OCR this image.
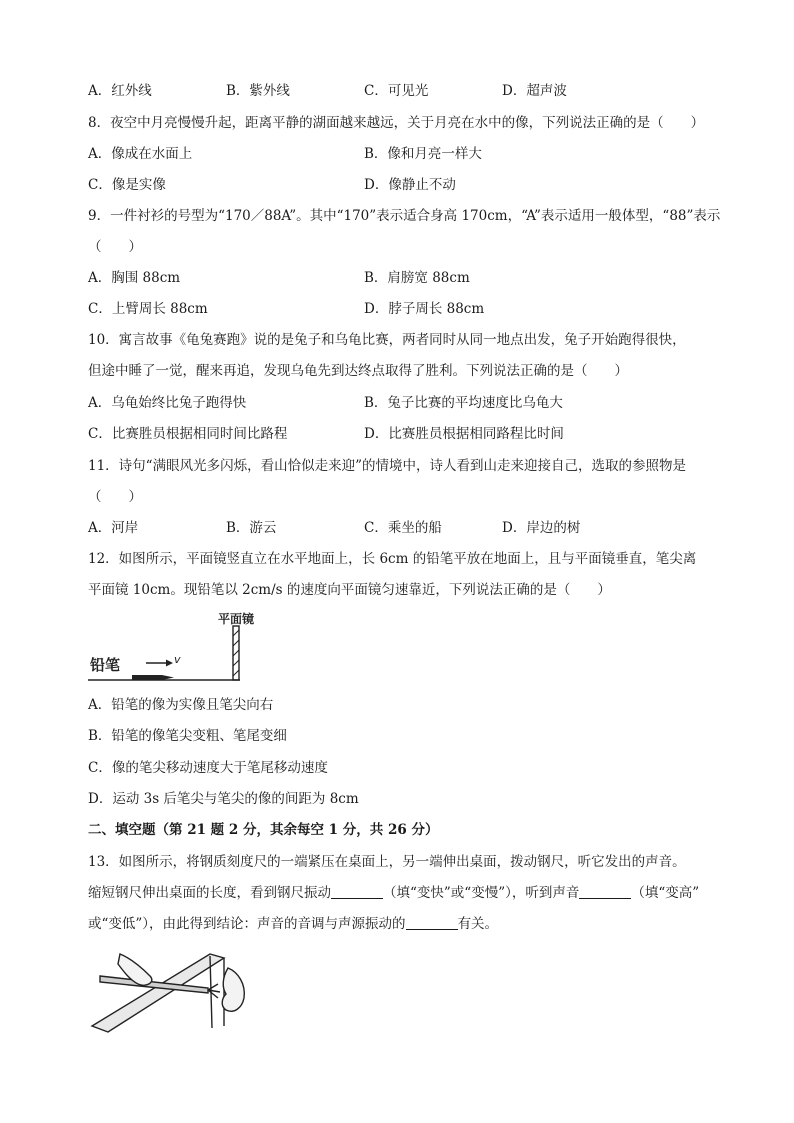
A．红外线	B．紫外线	C．可见光	D．超声波
8．夜空中月亮慢慢升起，距离平静的湖面越来越远，关于月亮在水中的像，下列说法正确的是（　　）
A．像成在水面上	B．像和月亮一样大
C．像是实像	D．像静止不动
9．一件衬衫的号型为“170／88A”。其中“170”表示适合身高 170cm，“A”表示适用一般体型，“88”表示
（　　）
A．胸围 88cm	B．肩膀宽 88cm
C．上臂周长 88cm	D．脖子周长 88cm
10．寓言故事《龟兔赛跑》说的是兔子和乌龟比赛，两者同时从同一地点出发，兔子开始跑得很快，
但途中睡了一觉，醒来再追，发现乌龟先到达终点取得了胜利。下列说法正确的是（　　）
A．乌龟始终比兔子跑得快	B．兔子比赛的平均速度比乌龟大
C．比赛胜员根据相同时间比路程	D．比赛胜员根据相同路程比时间
11．诗句“满眼风光多闪烁，看山恰似走来迎”的情境中，诗人看到山走来迎接自己，选取的参照物是
（　　）
A．河岸	B．游云	C．乘坐的船	D．岸边的树
12．如图所示，平面镜竖直立在水平地面上，长 6cm 的铅笔平放在地面上，且与平面镜垂直，笔尖离
平面镜 10cm。现铅笔以 2cm/s 的速度向平面镜匀速靠近，下列说法正确的是（　　）
平面镜
铅笔	v
A．铅笔的像为实像且笔尖向右
B．铅笔的像笔尖变粗、笔尾变细
C．像的笔尖移动速度大于笔尾移动速度
D．运动 3s 后笔尖与笔尖的像的间距为 8cm
二、填空题（第 21 题 2 分，其余每空 1 分，共 26 分）
13．如图所示，将钢质刻度尺的一端紧压在桌面上，另一端伸出桌面，拨动钢尺，听它发出的声音。
缩短钢尺伸出桌面的长度，看到钢尺振动	（填“变快”或“变慢”），听到声音	（填“变高”
或“变低”），由此得到结论：声音的音调与声源振动的	有关。
